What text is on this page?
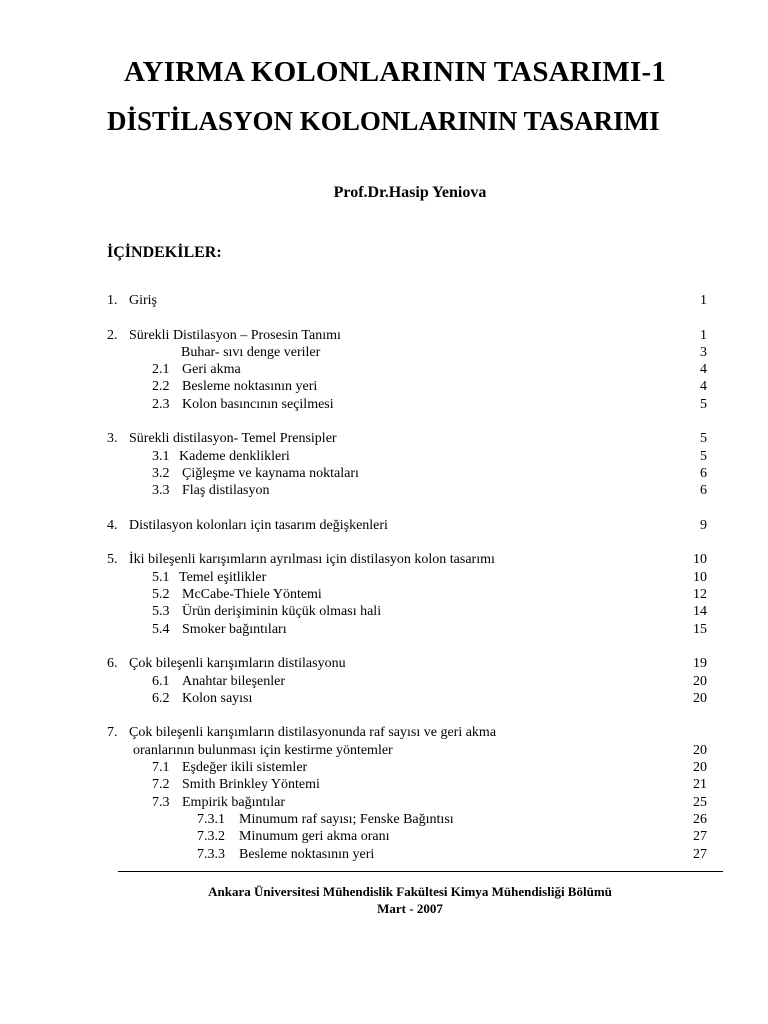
AYIRMA KOLONLARININ TASARIMI-1
DİSTİLASYON KOLONLARININ TASARIMI
Prof.Dr.Hasip Yeniova
İÇİNDEKİLER:
1. Giriş	1
2. Sürekli Distilasyon – Prosesin Tanımı	1
Buhar- sıvı denge veriler	3
2.1 Geri akma	4
2.2 Besleme noktasının yeri	4
2.3 Kolon basıncının seçilmesi	5
3. Sürekli distilasyon- Temel Prensipler	5
3.1 Kademe denklikleri	5
3.2 Çiğleşme ve kaynama noktaları	6
3.3 Flaş distilasyon	6
4. Distilasyon kolonları için tasarım değişkenleri	9
5. İki bileşenli karışımların ayrılması için distilasyon kolon tasarımı	10
5.1 Temel eşitlikler	10
5.2 McCabe-Thiele Yöntemi	12
5.3 Ürün derişiminin küçük olması hali	14
5.4 Smoker bağıntıları	15
6. Çok bileşenli karışımların distilasyonu	19
6.1 Anahtar bileşenler	20
6.2 Kolon sayısı	20
7. Çok bileşenli karışımların distilasyonunda raf sayısı ve geri akma
oranlarının bulunması için kestirme yöntemler	20
7.1 Eşdeğer ikili sistemler	20
7.2 Smith Brinkley Yöntemi	21
7.3 Empirik bağıntılar	25
7.3.1 Minumum raf sayısı; Fenske Bağıntısı	26
7.3.2 Minumum geri akma oranı	27
7.3.3 Besleme noktasının yeri	27
Ankara Üniversitesi Mühendislik Fakültesi Kimya Mühendisliği Bölümü
Mart - 2007
